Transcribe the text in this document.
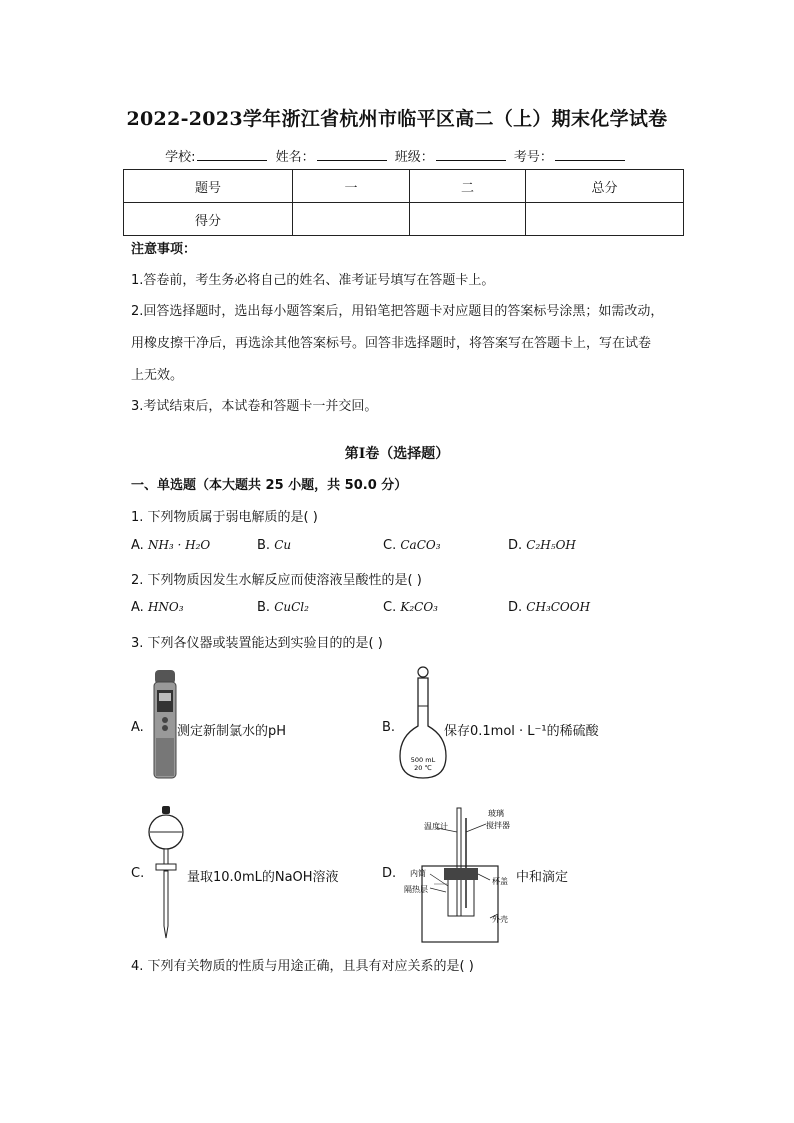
2022-2023学年浙江省杭州市临平区高二（上）期末化学试卷
学校:	姓名：	班级：	考号：
题号	一	二	总分
得分			
注意事项：
1.答卷前，考生务必将自己的姓名、准考证号填写在答题卡上。
2.回答选择题时，选出每小题答案后，用铅笔把答题卡对应题目的答案标号涂黑；如需改动，
用橡皮擦干净后，再选涂其他答案标号。回答非选择题时，将答案写在答题卡上，写在试卷
上无效。
3.考试结束后，本试卷和答题卡一并交回。
第Ⅰ卷（选择题）
一、单选题（本大题共 25 小题，共 50.0 分）
1. 下列物质属于弱电解质的是( )
A. NH₃ · H₂O	B. Cu	C. CaCO₃	D. C₂H₅OH
2. 下列物质因发生水解反应而使溶液呈酸性的是( )
A. HNO₃	B. CuCl₂	C. K₂CO₃	D. CH₃COOH
3. 下列各仪器或装置能达到实验目的的是( )
A.	测定新制氯水的pH	B.
500 mL
20 ℃
保存0.1mol · L⁻¹的稀硫酸
C.	量取10.0mL的NaOH溶液	D.
温度计
玻璃
搅拌器
内筒
杯盖
隔热层
外壳
中和滴定
4. 下列有关物质的性质与用途正确，且具有对应关系的是( )
